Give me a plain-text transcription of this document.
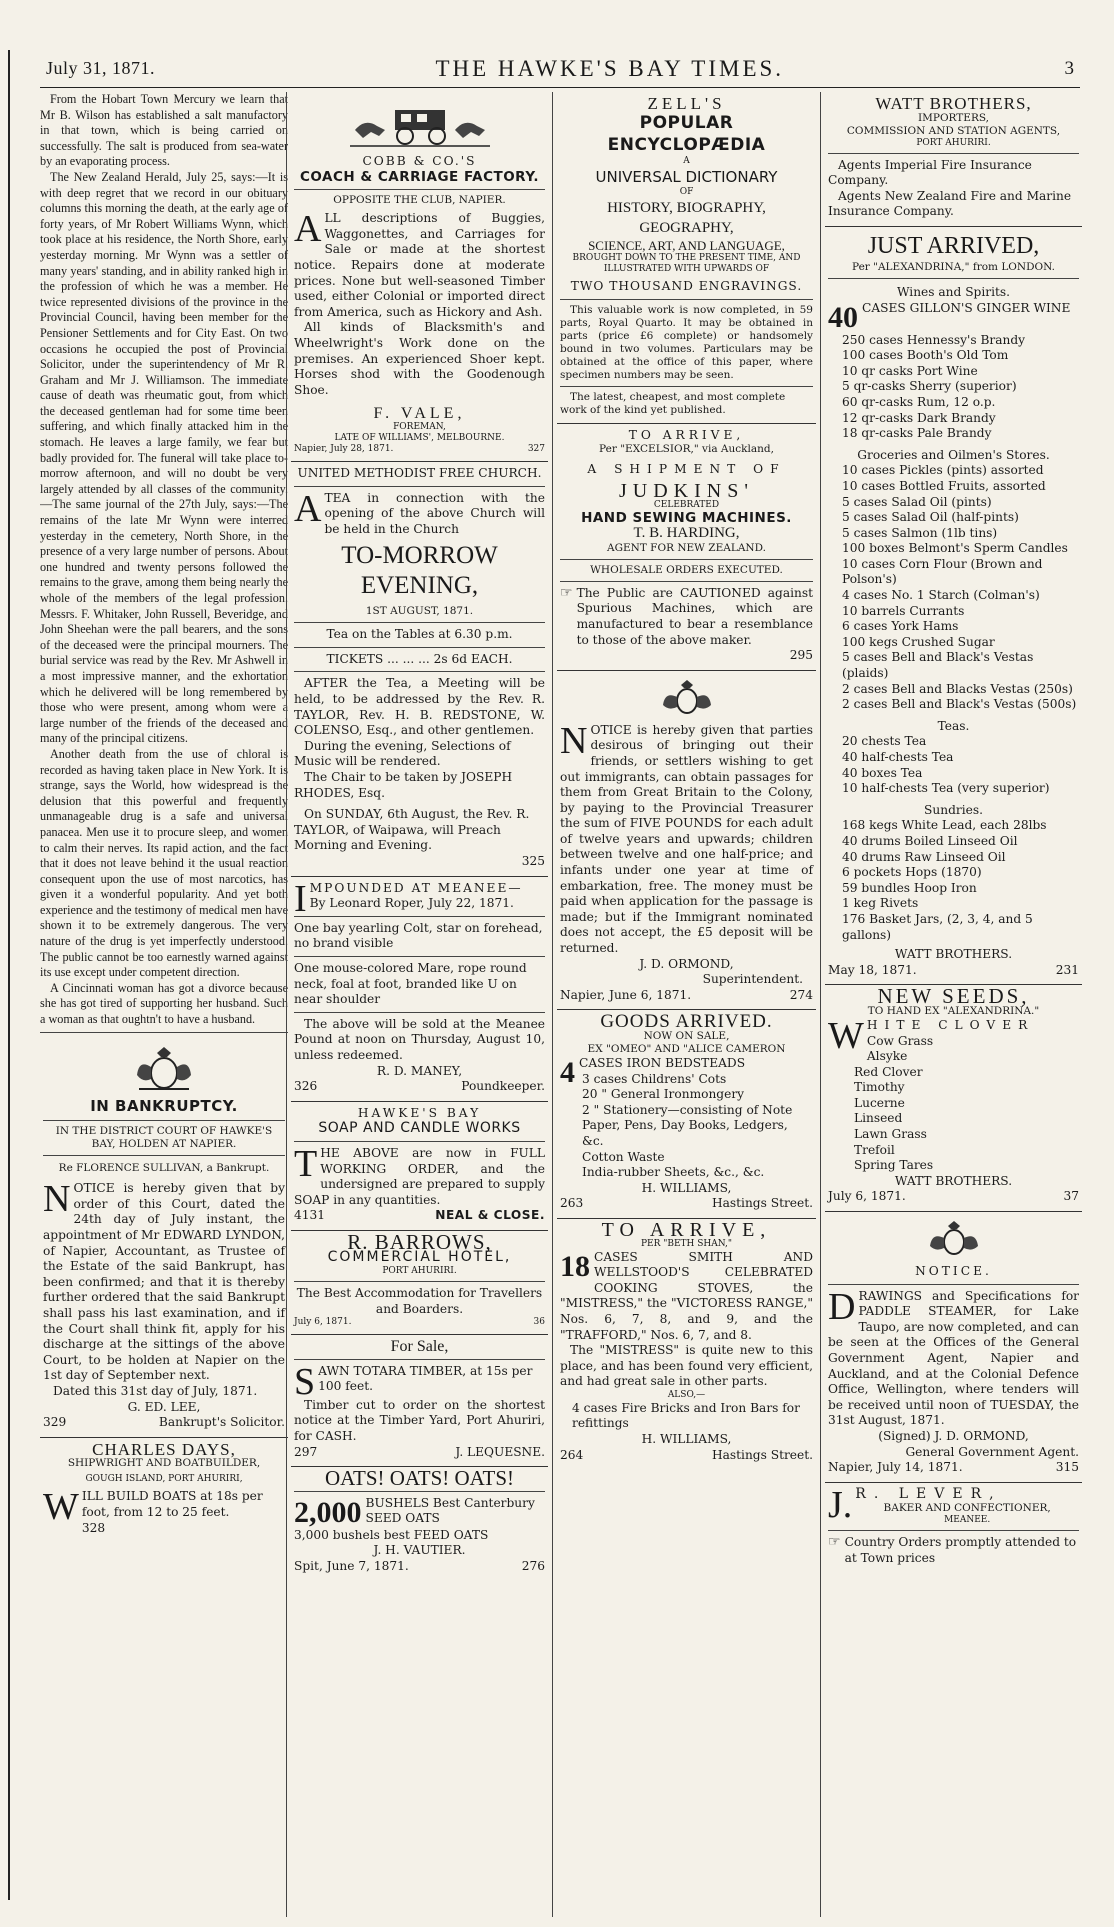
July 31, 1871.	THE HAWKE'S BAY TIMES.	3

From the Hobart Town Mercury we learn that Mr B. Wilson has established a salt manufactory in that town, which is being carried on successfully. The salt is produced from sea-water by an evaporating process.

The New Zealand Herald, July 25, says:—It is with deep regret that we record in our obituary columns this morning the death, at the early age of forty years, of Mr Robert Williams Wynn, which took place at his residence, the North Shore, early yesterday morning. Mr Wynn was a settler of many years' standing, and in ability ranked high in the profession of which he was a member. He twice represented divisions of the province in the Provincial Council, having been member for the Pensioner Settlements and for City East. On two occasions he occupied the post of Provincial Solicitor, under the superintendency of Mr R. Graham and Mr J. Williamson. The immediate cause of death was rheumatic gout, from which the deceased gentleman had for some time been suffering, and which finally attacked him in the stomach. He leaves a large family, we fear but badly provided for. The funeral will take place to-morrow afternoon, and will no doubt be very largely attended by all classes of the community.—The same journal of the 27th July, says:—The remains of the late Mr Wynn were interred yesterday in the cemetery, North Shore, in the presence of a very large number of persons. About one hundred and twenty persons followed the remains to the grave, among them being nearly the whole of the members of the legal profession. Messrs. F. Whitaker, John Russell, Beveridge, and John Sheehan were the pall bearers, and the sons of the deceased were the principal mourners. The burial service was read by the Rev. Mr Ashwell in a most impressive manner, and the exhortation which he delivered will be long remembered by those who were present, among whom were a large number of the friends of the deceased and many of the principal citizens.

Another death from the use of chloral is recorded as having taken place in New York. It is strange, says the World, how widespread is the delusion that this powerful and frequently unmanageable drug is a safe and universal panacea. Men use it to procure sleep, and women to calm their nerves. Its rapid action, and the fact that it does not leave behind it the usual reaction consequent upon the use of most narcotics, has given it a wonderful popularity. And yet both experience and the testimony of medical men have shown it to be extremely dangerous. The very nature of the drug is yet imperfectly understood. The public cannot be too earnestly warned against its use except under competent direction.

A Cincinnati woman has got a divorce because she has got tired of supporting her husband. Such a woman as that oughtn't to have a husband.

IN BANKRUPTCY.
IN THE DISTRICT COURT OF HAWKE'S BAY, HOLDEN AT NAPIER.
Re FLORENCE SULLIVAN, a Bankrupt.
N OTICE is hereby given that by order of this Court, dated the 24th day of July instant, the appointment of Mr EDWARD LYNDON, of Napier, Accountant, as Trustee of the Estate of the said Bankrupt, has been confirmed; and that it is thereby further ordered that the said Bankrupt shall pass his last examination, and if the Court shall think fit, apply for his discharge at the sittings of the above Court, to be holden at Napier on the 1st day of September next.
Dated this 31st day of July, 1871.
G. ED. LEE,
329	Bankrupt's Solicitor.
CHARLES DAYS,
SHIPWRIGHT AND BOATBUILDER,
GOUGH ISLAND, PORT AHURIRI,
WILL BUILD BOATS at 18s per foot, from 12 to 25 feet.
328
COBB & CO.'S
COACH & CARRIAGE FACTORY.
OPPOSITE THE CLUB, NAPIER.
ALL descriptions of Buggies, Waggonettes, and Carriages for Sale or made at the shortest notice. Repairs done at moderate prices. None but well-seasoned Timber used, either Colonial or imported direct from America, such as Hickory and Ash.

All kinds of Blacksmith's and Wheelwright's Work done on the premises. An experienced Shoer kept. Horses shod with the Goodenough Shoe.

F. VALE,
FOREMAN,
LATE OF WILLIAMS', MELBOURNE.
Napier, July 28, 1871.	327
UNITED METHODIST FREE CHURCH.
ATEA in connection with the opening of the above Church will be held in the Church
TO-MORROW EVENING,
1ST AUGUST, 1871.
Tea on the Tables at 6.30 p.m.
TICKETS ... ... ... 2s 6d EACH.

AFTER the Tea, a Meeting will be held, to be addressed by the Rev. R. TAYLOR, Rev. H. B. REDSTONE, W. COLENSO, Esq., and other gentlemen.

During the evening, Selections of Music will be rendered.

The Chair to be taken by JOSEPH RHODES, Esq.

On SUNDAY, 6th August, the Rev. R. TAYLOR, of Waipawa, will Preach Morning and Evening.

325
IMPOUNDED AT MEANEE—
By Leonard Roper, July 22, 1871.

One bay yearling Colt, star on forehead, no brand visible

One mouse-colored Mare, rope round neck, foal at foot, branded like U on near shoulder

The above will be sold at the Meanee Pound at noon on Thursday, August 10, unless redeemed.

R. D. MANEY,
326	Poundkeeper.
HAWKE'S BAY
SOAP AND CANDLE WORKS
THE ABOVE are now in FULL WORKING ORDER, and the undersigned are prepared to supply SOAP in any quantities.
4131	NEAL & CLOSE.
R. BARROWS,
COMMERCIAL HOTEL,
PORT AHURIRI.
The Best Accommodation for Travellers and Boarders.
July 6, 1871.	36
For Sale,
SAWN TOTARA TIMBER, at 15s per 100 feet.

Timber cut to order on the shortest notice at the Timber Yard, Port Ahuriri, for CASH.

297	J. LEQUESNE.
OATS! OATS! OATS!
2,000 BUSHELS Best Canterbury SEED OATS
3,000 bushels best FEED OATS
J. H. VAUTIER.
Spit, June 7, 1871.	276
ZELL'S
POPULAR ENCYCLOPÆDIA
A
UNIVERSAL DICTIONARY
OF
HISTORY, BIOGRAPHY, GEOGRAPHY,
SCIENCE, ART, AND LANGUAGE,
BROUGHT DOWN TO THE PRESENT TIME, AND ILLUSTRATED WITH UPWARDS OF
TWO THOUSAND ENGRAVINGS.

This valuable work is now completed, in 59 parts, Royal Quarto. It may be obtained in parts (price £6 complete) or handsomely bound in two volumes. Particulars may be obtained at the office of this paper, where specimen numbers may be seen.

The latest, cheapest, and most complete work of the kind yet published.

TO ARRIVE,
Per "EXCELSIOR," via Auckland,
A SHIPMENT OF
JUDKINS'
CELEBRATED
HAND SEWING MACHINES.
T. B. HARDING,
AGENT FOR NEW ZEALAND.
WHOLESALE ORDERS EXECUTED.
☞ The Public are CAUTIONED against Spurious Machines, which are manufactured to bear a resemblance to those of the above maker.
295
NOTICE is hereby given that parties desirous of bringing out their friends, or settlers wishing to get out immigrants, can obtain passages for them from Great Britain to the Colony, by paying to the Provincial Treasurer the sum of FIVE POUNDS for each adult of twelve years and upwards; children between twelve and one half-price; and infants under one year at time of embarkation, free. The money must be paid when application for the passage is made; but if the Immigrant nominated does not accept, the £5 deposit will be returned.
J. D. ORMOND,
Superintendent.
Napier, June 6, 1871.	274
GOODS ARRIVED.
NOW ON SALE,
EX "OMEO" AND "ALICE CAMERON
4 CASES IRON BEDSTEADS
3 cases Childrens' Cots
20 " General Ironmongery
2 " Stationery—consisting of Note Paper, Pens, Day Books, Ledgers, &c.
Cotton Waste
India-rubber Sheets, &c., &c.
H. WILLIAMS,
263	Hastings Street.
TO ARRIVE,
PER "BETH SHAN,"
18 CASES SMITH AND WELLSTOOD'S CELEBRATED COOKING STOVES, the "MISTRESS," the "VICTORESS RANGE," Nos. 6, 7, 8, and 9, and the "TRAFFORD," Nos. 6, 7, and 8.

The "MISTRESS" is quite new to this place, and has been found very efficient, and had great sale in other parts.

ALSO,—
4 cases Fire Bricks and Iron Bars for refittings
H. WILLIAMS,
264	Hastings Street.
WATT BROTHERS,
IMPORTERS,
COMMISSION AND STATION AGENTS,
PORT AHURIRI.

Agents Imperial Fire Insurance Company.

Agents New Zealand Fire and Marine Insurance Company.

JUST ARRIVED,
Per "ALEXANDRINA," from LONDON.
Wines and Spirits.
40 CASES GILLON'S GINGER WINE
250 cases Hennessy's Brandy
100 cases Booth's Old Tom
10 qr casks Port Wine
5 qr-casks Sherry (superior)
60 qr-casks Rum, 12 o.p.
12 qr-casks Dark Brandy
18 qr-casks Pale Brandy
Groceries and Oilmen's Stores.
10 cases Pickles (pints) assorted
10 cases Bottled Fruits, assorted
5 cases Salad Oil (pints)
5 cases Salad Oil (half-pints)
5 cases Salmon (1lb tins)
100 boxes Belmont's Sperm Candles
10 cases Corn Flour (Brown and Polson's)
4 cases No. 1 Starch (Colman's)
10 barrels Currants
6 cases York Hams
100 kegs Crushed Sugar
5 cases Bell and Black's Vestas (plaids)
2 cases Bell and Blacks Vestas (250s)
2 cases Bell and Black's Vestas (500s)
Teas.
20 chests Tea
40 half-chests Tea
40 boxes Tea
10 half-chests Tea (very superior)
Sundries.
168 kegs White Lead, each 28lbs
40 drums Boiled Linseed Oil
40 drums Raw Linseed Oil
6 pockets Hops (1870)
59 bundles Hoop Iron
1 keg Rivets
176 Basket Jars, (2, 3, 4, and 5 gallons)
WATT BROTHERS.
May 18, 1871.	231
NEW SEEDS,
TO HAND EX "ALEXANDRINA."
WHITE CLOVER
Cow Grass
Alsyke
Red Clover
Timothy
Lucerne
Linseed
Lawn Grass
Trefoil
Spring Tares
WATT BROTHERS.
July 6, 1871.	37
NOTICE.
DRAWINGS and Specifications for PADDLE STEAMER, for Lake Taupo, are now completed, and can be seen at the Offices of the General Government Agent, Napier and Auckland, and at the Colonial Defence Office, Wellington, where tenders will be received until noon of TUESDAY, the 31st August, 1871.
(Signed) J. D. ORMOND,
General Government Agent.
Napier, July 14, 1871.	315
J. R. LEVER,
BAKER AND CONFECTIONER,
MEANEE.
☞ Country Orders promptly attended to at Town prices
